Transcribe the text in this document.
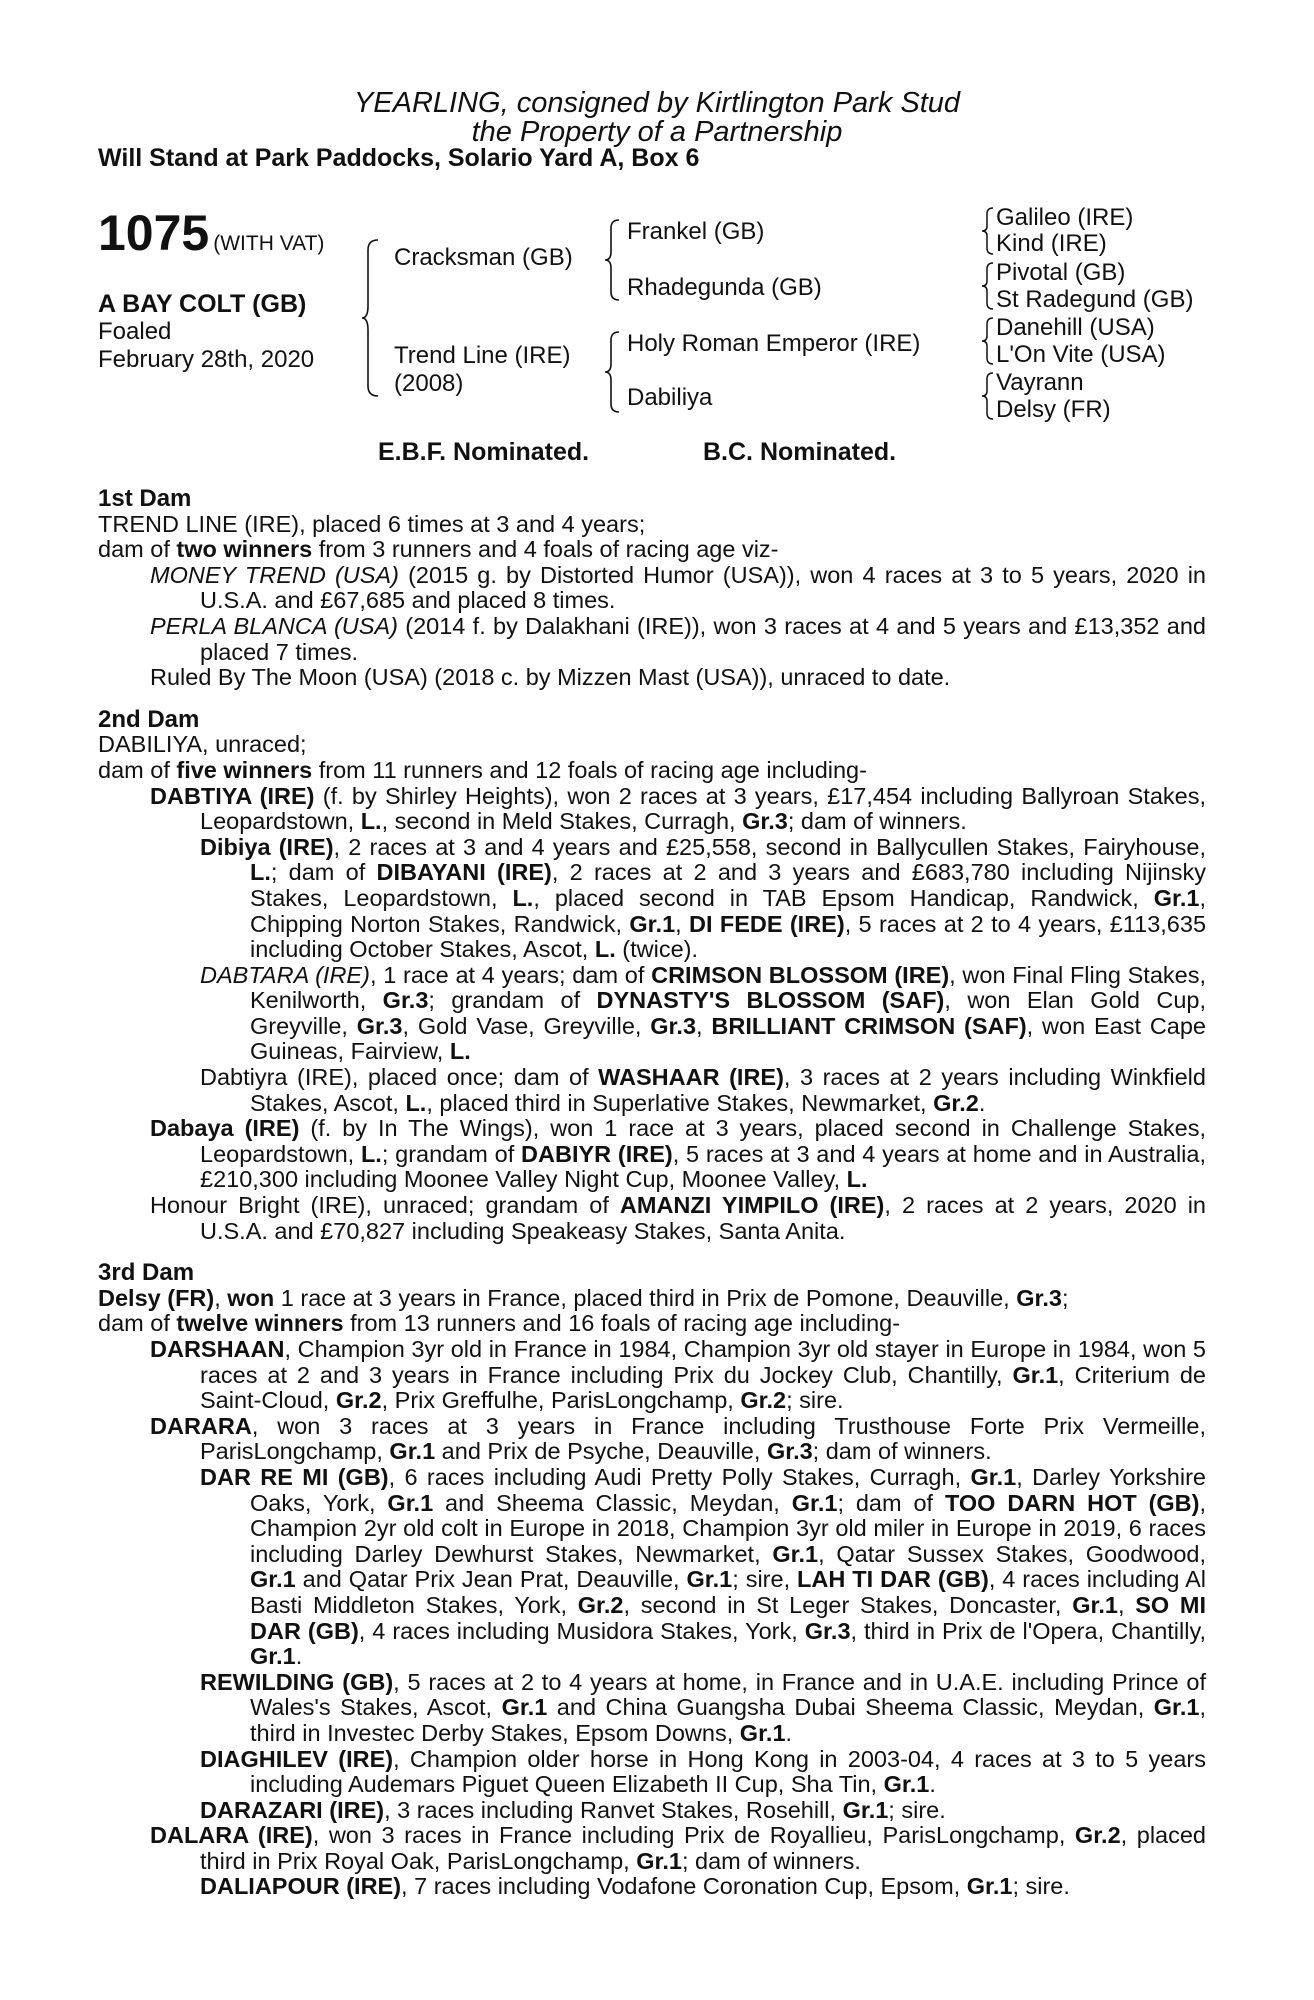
YEARLING, consigned by Kirtlington Park Stud
the Property of a Partnership
Will Stand at Park Paddocks, Solario Yard A, Box 6
1075 (WITH VAT)
A BAY COLT (GB)
Foaled
February 28th, 2020
Cracksman (GB)
Trend Line (IRE)
(2008)
Frankel (GB)
Rhadegunda (GB)
Holy Roman Emperor (IRE)
Dabiliya
Galileo (IRE)
Kind (IRE)
Pivotal (GB)
St Radegund (GB)
Danehill (USA)
L'On Vite (USA)
Vayrann
Delsy (FR)
E.B.F. Nominated.	B.C. Nominated.

1st Dam

TREND LINE (IRE), placed 6 times at 3 and 4 years;

dam of two winners from 3 runners and 4 foals of racing age viz-

MONEY TREND (USA) (2015 g. by Distorted Humor (USA)), won 4 races at 3 to 5 years, 2020 in U.S.A. and £67,685 and placed 8 times.

PERLA BLANCA (USA) (2014 f. by Dalakhani (IRE)), won 3 races at 4 and 5 years and £13,352 and placed 7 times.

Ruled By The Moon (USA) (2018 c. by Mizzen Mast (USA)), unraced to date.

2nd Dam

DABILIYA, unraced;

dam of five winners from 11 runners and 12 foals of racing age including-

DABTIYA (IRE) (f. by Shirley Heights), won 2 races at 3 years, £17,454 including Ballyroan Stakes, Leopardstown, L., second in Meld Stakes, Curragh, Gr.3; dam of winners.

Dibiya (IRE), 2 races at 3 and 4 years and £25,558, second in Ballycullen Stakes, Fairyhouse, L.; dam of DIBAYANI (IRE), 2 races at 2 and 3 years and £683,780 including Nijinsky Stakes, Leopardstown, L., placed second in TAB Epsom Handicap, Randwick, Gr.1, Chipping Norton Stakes, Randwick, Gr.1, DI FEDE (IRE), 5 races at 2 to 4 years, £113,635 including October Stakes, Ascot, L. (twice).

DABTARA (IRE), 1 race at 4 years; dam of CRIMSON BLOSSOM (IRE), won Final Fling Stakes, Kenilworth, Gr.3; grandam of DYNASTY'S BLOSSOM (SAF), won Elan Gold Cup, Greyville, Gr.3, Gold Vase, Greyville, Gr.3, BRILLIANT CRIMSON (SAF), won East Cape Guineas, Fairview, L.

Dabtiyra (IRE), placed once; dam of WASHAAR (IRE), 3 races at 2 years including Winkfield Stakes, Ascot, L., placed third in Superlative Stakes, Newmarket, Gr.2.

Dabaya (IRE) (f. by In The Wings), won 1 race at 3 years, placed second in Challenge Stakes, Leopardstown, L.; grandam of DABIYR (IRE), 5 races at 3 and 4 years at home and in Australia, £210,300 including Moonee Valley Night Cup, Moonee Valley, L.

Honour Bright (IRE), unraced; grandam of AMANZI YIMPILO (IRE), 2 races at 2 years, 2020 in U.S.A. and £70,827 including Speakeasy Stakes, Santa Anita.

3rd Dam

Delsy (FR), won 1 race at 3 years in France, placed third in Prix de Pomone, Deauville, Gr.3;

dam of twelve winners from 13 runners and 16 foals of racing age including-

DARSHAAN, Champion 3yr old in France in 1984, Champion 3yr old stayer in Europe in 1984, won 5 races at 2 and 3 years in France including Prix du Jockey Club, Chantilly, Gr.1, Criterium de Saint-Cloud, Gr.2, Prix Greffulhe, ParisLongchamp, Gr.2; sire.

DARARA, won 3 races at 3 years in France including Trusthouse Forte Prix Vermeille, ParisLongchamp, Gr.1 and Prix de Psyche, Deauville, Gr.3; dam of winners.

DAR RE MI (GB), 6 races including Audi Pretty Polly Stakes, Curragh, Gr.1, Darley Yorkshire Oaks, York, Gr.1 and Sheema Classic, Meydan, Gr.1; dam of TOO DARN HOT (GB), Champion 2yr old colt in Europe in 2018, Champion 3yr old miler in Europe in 2019, 6 races including Darley Dewhurst Stakes, Newmarket, Gr.1, Qatar Sussex Stakes, Goodwood, Gr.1 and Qatar Prix Jean Prat, Deauville, Gr.1; sire, LAH TI DAR (GB), 4 races including Al Basti Middleton Stakes, York, Gr.2, second in St Leger Stakes, Doncaster, Gr.1, SO MI DAR (GB), 4 races including Musidora Stakes, York, Gr.3, third in Prix de l'Opera, Chantilly, Gr.1.

REWILDING (GB), 5 races at 2 to 4 years at home, in France and in U.A.E. including Prince of Wales's Stakes, Ascot, Gr.1 and China Guangsha Dubai Sheema Classic, Meydan, Gr.1, third in Investec Derby Stakes, Epsom Downs, Gr.1.

DIAGHILEV (IRE), Champion older horse in Hong Kong in 2003-04, 4 races at 3 to 5 years including Audemars Piguet Queen Elizabeth II Cup, Sha Tin, Gr.1.

DARAZARI (IRE), 3 races including Ranvet Stakes, Rosehill, Gr.1; sire.

DALARA (IRE), won 3 races in France including Prix de Royallieu, ParisLongchamp, Gr.2, placed third in Prix Royal Oak, ParisLongchamp, Gr.1; dam of winners.

DALIAPOUR (IRE), 7 races including Vodafone Coronation Cup, Epsom, Gr.1; sire.
